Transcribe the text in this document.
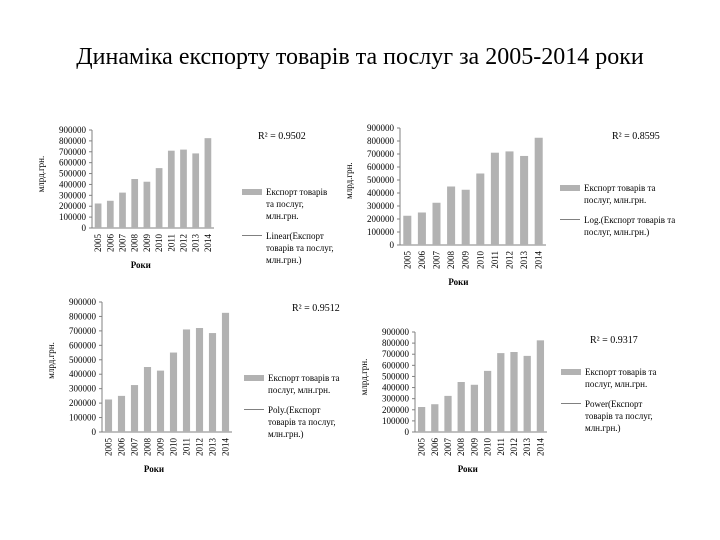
Динаміка експорту товарів та послуг за 2005-2014 роки
900000
800000
700000
600000
500000
400000
300000
200000
100000
0
2005 2006 2007 2008 2009 2010 2011 2012 2013 2014
Роки
млрд.грн.
R² = 0.9502
Експорт товарів та послуг, млн.грн.
Linear(Експорт товарів та послуг, млн.грн.)
900000
800000
700000
600000
500000
400000
300000
200000
100000
0
2005 2006 2007 2008 2009 2010 2011 2012 2013 2014
Роки
млрд.грн.
R² = 0.8595
Експорт товарів та послуг, млн.грн.
Log.(Експорт товарів та послуг, млн.грн.)
900000
800000
700000
600000
500000
400000
300000
200000
100000
0
2005 2006 2007 2008 2009 2010 2011 2012 2013 2014
Роки
млрд.грн.
R² = 0.9512
Експорт товарів та послуг, млн.грн.
Poly.(Експорт товарів та послуг, млн.грн.)
900000
800000
700000
600000
500000
400000
300000
200000
100000
0
2005 2006 2007 2008 2009 2010 2011 2012 2013 2014
Роки
млрд.грн.
R² = 0.9317
Експорт товарів та послуг, млн.грн.
Power(Експорт товарів та послуг, млн.грн.)
